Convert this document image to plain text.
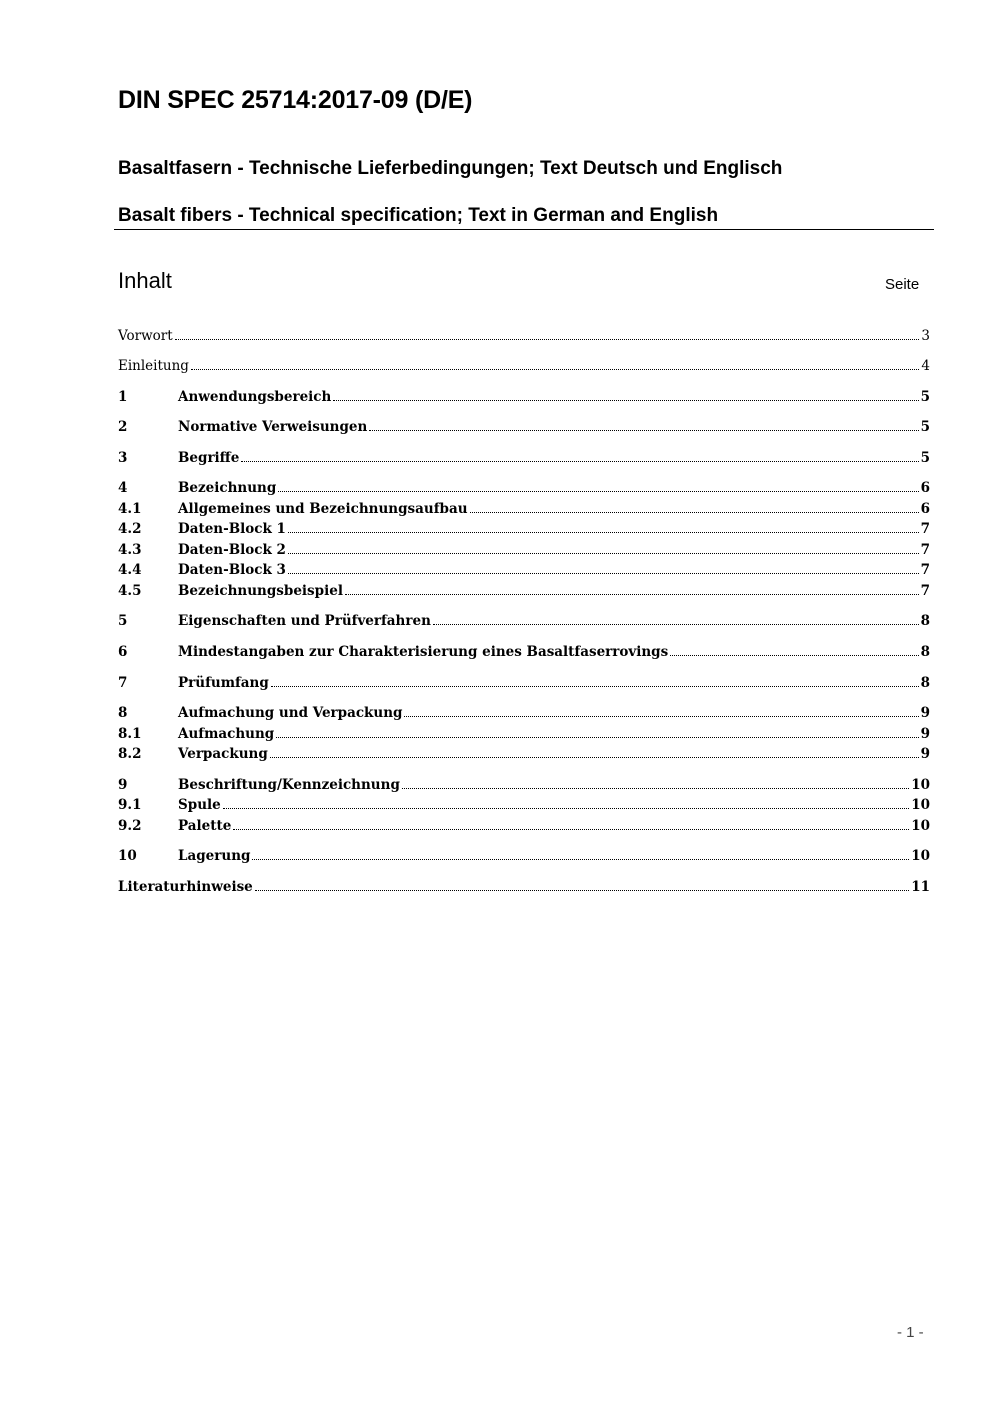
DIN SPEC 25714:2017-09 (D/E)
Basaltfasern - Technische Lieferbedingungen; Text Deutsch und Englisch
Basalt fibers - Technical specification; Text in German and English
Inhalt	Seite
Vorwort	3
Einleitung	4
1	Anwendungsbereich	5
2	Normative Verweisungen	5
3	Begriffe	5
4	Bezeichnung	6
4.1	Allgemeines und Bezeichnungsaufbau	6
4.2	Daten-Block 1	7
4.3	Daten-Block 2	7
4.4	Daten-Block 3	7
4.5	Bezeichnungsbeispiel	7
5	Eigenschaften und Prüfverfahren	8
6	Mindestangaben zur Charakterisierung eines Basaltfaserrovings	8
7	Prüfumfang	8
8	Aufmachung und Verpackung	9
8.1	Aufmachung	9
8.2	Verpackung	9
9	Beschriftung/Kennzeichnung	10
9.1	Spule	10
9.2	Palette	10
10	Lagerung	10
Literaturhinweise	11
- 1 -
